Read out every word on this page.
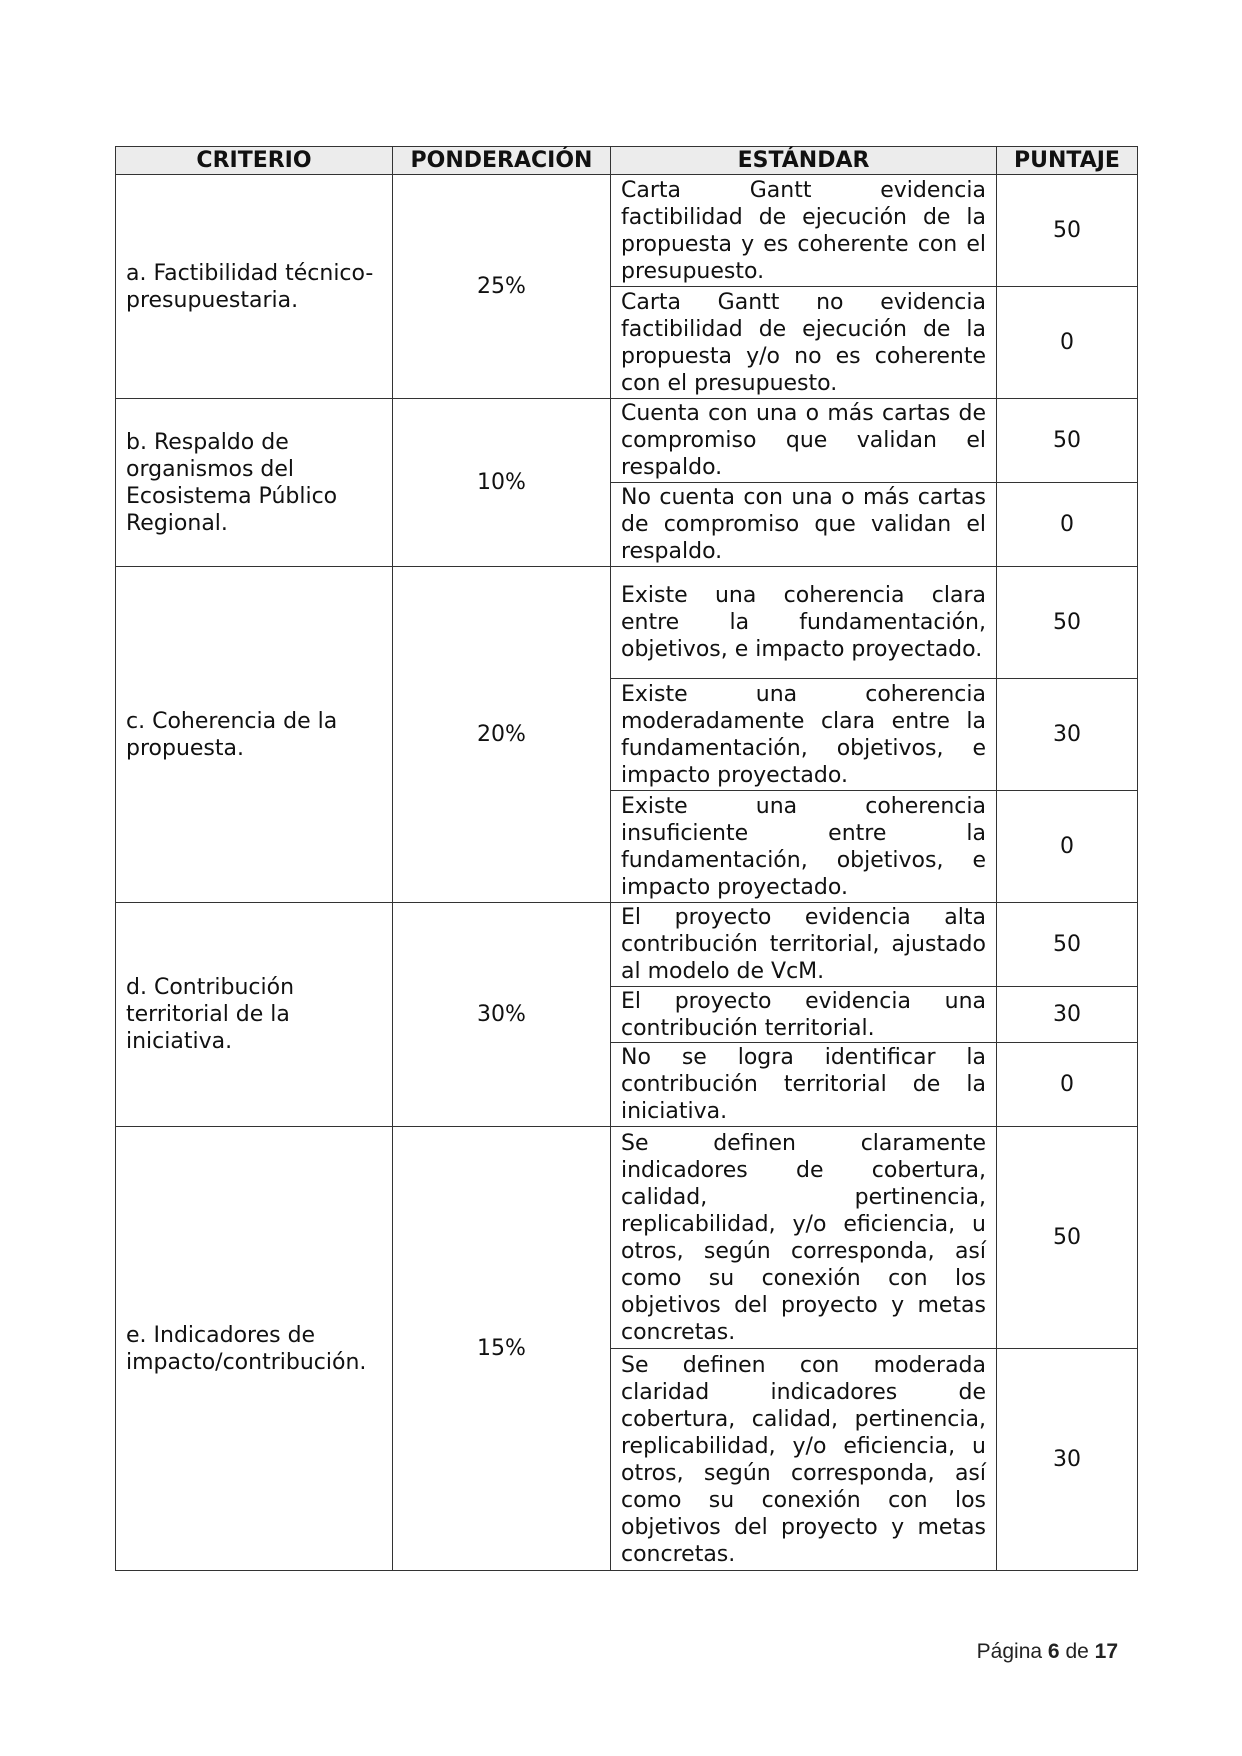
CRITERIO	PONDERACIÓN	ESTÁNDAR	PUNTAJE
a. Factibilidad técnico-presupuestaria.	25%	Carta Gantt evidencia factibilidad de ejecución de la propuesta y es coherente con el presupuesto.	50
		Carta Gantt no evidencia factibilidad de ejecución de la propuesta y/o no es coherente con el presupuesto.	0
b. Respaldo de organismos del Ecosistema Público Regional.	10%	Cuenta con una o más cartas de compromiso que validan el respaldo.	50
		No cuenta con una o más cartas de compromiso que validan el respaldo.	0
c. Coherencia de la propuesta.	20%	Existe una coherencia clara entre la fundamentación, objetivos, e impacto proyectado.	50
		Existe una coherencia moderadamente clara entre la fundamentación, objetivos, e impacto proyectado.	30
		Existe una coherencia insuficiente entre la fundamentación, objetivos, e impacto proyectado.	0
d. Contribución territorial de la iniciativa.	30%	El proyecto evidencia alta contribución territorial, ajustado al modelo de VcM.	50
		El proyecto evidencia una contribución territorial.	30
		No se logra identificar la contribución territorial de la iniciativa.	0
e. Indicadores de impacto/contribución.	15%	Se definen claramente indicadores de cobertura, calidad, pertinencia, replicabilidad, y/o eficiencia, u otros, según corresponda, así como su conexión con los objetivos del proyecto y metas concretas.	50
		Se definen con moderada claridad indicadores de cobertura, calidad, pertinencia, replicabilidad, y/o eficiencia, u otros, según corresponda, así como su conexión con los objetivos del proyecto y metas concretas.	30
Página 6 de 17
